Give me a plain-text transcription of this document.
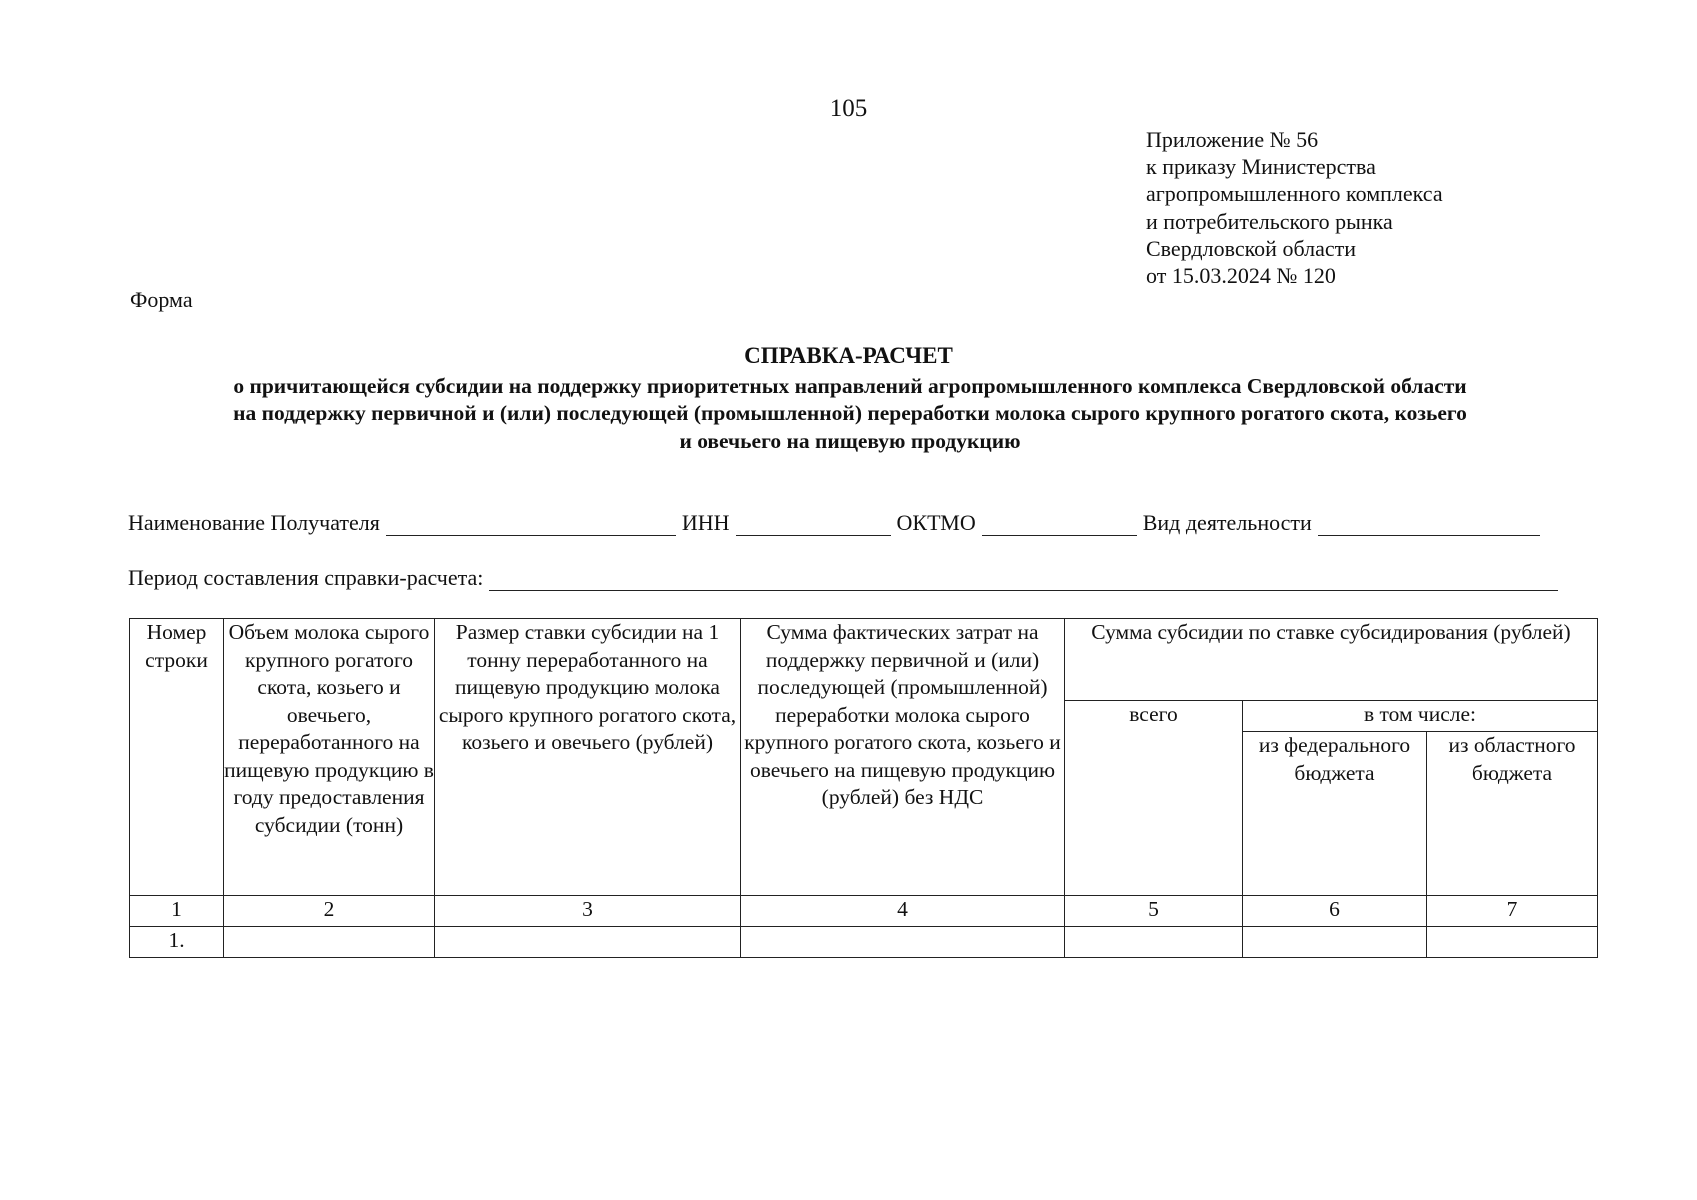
105
Приложение № 56
к приказу Министерства
агропромышленного комплекса
и потребительского рынка
Свердловской области
от 15.03.2024 № 120
Форма
СПРАВКА-РАСЧЕТ
о причитающейся субсидии на поддержку приоритетных направлений агропромышленного комплекса Свердловской области
на поддержку первичной и (или) последующей (промышленной) переработки молока сырого крупного рогатого скота, козьего
и овечьего на пищевую продукцию
Наименование Получателя	ИНН	ОКТМО	Вид деятельности
Период составления справки-расчета:
Номер строки	Объем молока сырого крупного рогатого скота, козьего и овечьего, переработанного на пищевую продукцию в году предоставления субсидии (тонн)	Размер ставки субсидии на 1 тонну переработанного на пищевую продукцию молока сырого крупного рогатого скота, козьего и овечьего (рублей)	Сумма фактических затрат на поддержку первичной и (или) последующей (промышленной) переработки молока сырого крупного рогатого скота, козьего и овечьего на пищевую продукцию (рублей) без НДС	Сумма субсидии по ставке субсидирования (рублей)		
				всего	в том числе:	
					из федерального бюджета	из областного бюджета
1	2	3	4	5	6	7
1.						
